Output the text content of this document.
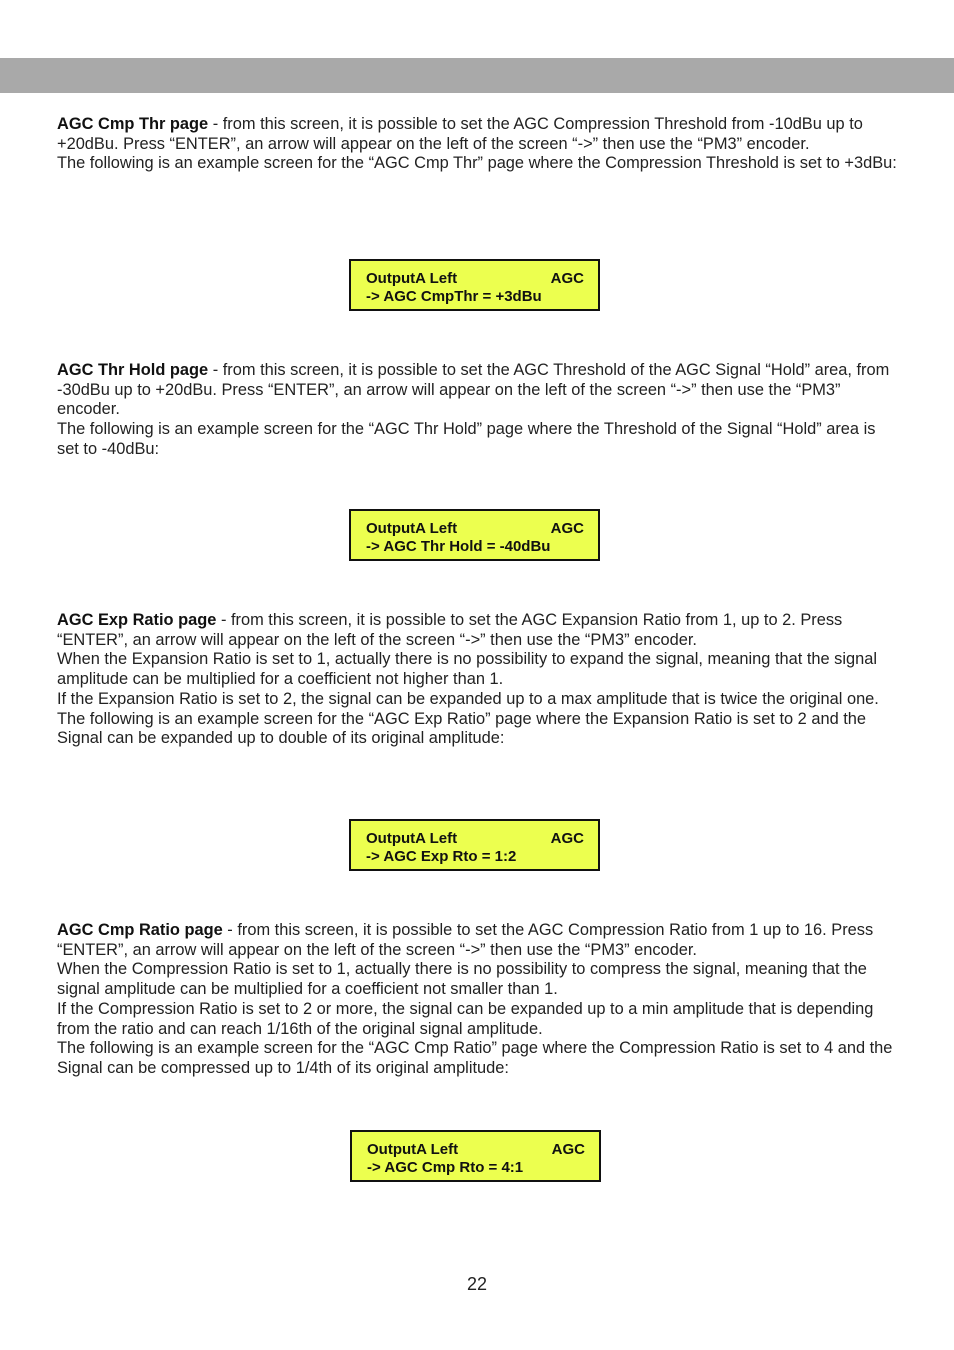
AGC Cmp Thr page - from this screen, it is possible to set the AGC Compression Threshold from -10dBu up to +20dBu. Press “ENTER”, an arrow will appear on the left of the screen “->” then use the “PM3” encoder.

The following is an example screen for the “AGC Cmp Thr” page where the Compression Threshold is set to +3dBu:

OutputA Left	AGC
-> AGC CmpThr = +3dBu

AGC Thr Hold page - from this screen, it is possible to set the AGC Threshold of the AGC Signal “Hold” area, from -30dBu up to +20dBu. Press “ENTER”, an arrow will appear on the left of the screen “->” then use the “PM3” encoder.

The following is an example screen for the “AGC Thr Hold” page where the Threshold of the Signal “Hold” area is set to -40dBu:

OutputA Left	AGC
-> AGC Thr Hold = -40dBu

AGC Exp Ratio page - from this screen, it is possible to set the AGC Expansion Ratio from 1, up to 2. Press “ENTER”, an arrow will appear on the left of the screen “->” then use the “PM3” encoder.

When the Expansion Ratio is set to 1, actually there is no possibility to expand the signal, meaning that the signal amplitude can be multiplied for a coefficient not higher than 1.

If the Expansion Ratio is set to 2, the signal can be expanded up to a max amplitude that is twice the original one.

The following is an example screen for the “AGC Exp Ratio” page where the Expansion Ratio is set to 2 and the Signal can be expanded up to double of its original amplitude:

OutputA Left	AGC
-> AGC Exp Rto = 1:2

AGC Cmp Ratio page - from this screen, it is possible to set the AGC Compression Ratio from 1 up to 16. Press “ENTER”, an arrow will appear on the left of the screen “->” then use the “PM3” encoder.

When the Compression Ratio is set to 1, actually there is no possibility to compress the signal, meaning that the signal amplitude can be multiplied for a coefficient not smaller than 1.

If the Compression Ratio is set to 2 or more, the signal can be expanded up to a min amplitude that is depending from the ratio and can reach 1/16th of the original signal amplitude.

The following is an example screen for the “AGC Cmp Ratio” page where the Compression Ratio is set to 4 and the Signal can be compressed up to 1/4th of its original amplitude:

OutputA Left	AGC
-> AGC Cmp Rto = 4:1
22
